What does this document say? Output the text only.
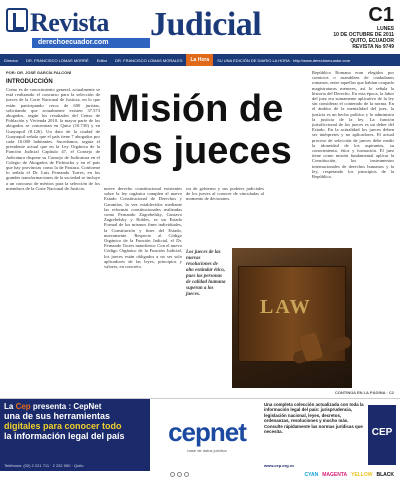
Revista Judicial
derechoecuador.com
C1
LUNES
10 DE OCTUBRE DE 2011
QUITO, ECUADOR
REVISTA No 9749
Director	DR. FRANCISCO LOMAS MORRÉ	Editor	DR. FRANCISCO LOMAS MORALES	La Hora	SU UNA EDICIÓN DE DIARIO LA HORA · http://www.derechoecuador.com
POR: DR. JOSÉ GARCÍA FALCONÍ
INTRODUCCIÓN

Como es de conocimiento general, actualmente se está realizando el concurso para la selección de jueces de la Corte Nacional de Justicia, en lo que están participando cerca de 600 juristas, solicitando que actualmente existen 37.573 abogados, según los resultados del Censo de Población y Vivienda 2010. la mayor parte de los abogados se concentran en Quito (10.730) y en Guayaquil (8.126). Un dato de la ciudad de Guayaquil señala que el país tiene 7 abogados por cada 10.000 habitantes. Sucedamos, seguía el presidente actual que en la Ley Orgánica de la Función Judicial Capítulo 47, el Consejo de Judicatura dispone su Consejo de Judicatura en el Colegio de Abogados de Pichincha y en el país que hay provincias como la de Pastaza. Conforme lo señala el Dr. Luis Fernando Torres, en los grandes transformaciones de la sociedad se incluye a un concurso de méritos para la selección de los miembros de la Corte Nacional de Justicia.

Misión de los jueces

nueve derecho constitucional existentes sobre la ley orgánica cumplen al nuevo Estado Constitucional de Derechos y Garantías, la vez establecidos mediante las reformas constitucionales realizadas como Fernando Zagrebelsky, Gustavo Zagrebelsky y Robles, es un Estado Formal de los mismos fines individuales, la Constitución y fines del Estado, nuevamente. Respecto al Código Orgánico de la Función Judicial, el Dr. Fernando Torres manifiesta: Con el nuevo Código Orgánico de la Función Judicial, los jueces están obligados a no ser solo aplicadores de las leyes, principios y valores, en concreto.

rra de gobierno y sus poderes judiciales de los jueces al conocer de vinculadas al momento de decisiones.

Los jueces de las nuevas resoluciones de alto estándar ético, pues las personas de calidad humana superan a los jueces.
LAW

República Romana eran elegidos por comicios o asambleas de ciudadanos romanos, entre aquellos que habían ocupado magistraturas menores, así lo señala la historia del Derecho. En esta época, la labor del juez era sumamente aplicativo de la ley sin considerar el contenido de la norma. En el ámbito de la mentalidad del juez, la justicia es un hecho político y lo administra la justicia de la ley. La función jurisdiccional de los jueces es un deber del Estado. En la actualidad los jueces deben ser intérpretes y no aplicadores. El actual proceso de selección de jueces debe medir la idoneidad de los aspirantes, su conocimiento, ética y formación. El juez tiene como misión fundamental aplicar la Constitución, los instrumentos internacionales de derechos humanos y la ley, respetando los principios de la República.

CONTINÚA EN LA PÁGINA · C2
La Cep presenta : CepNet
una de sus herramientas
digitales para conocer todo
la información legal del país
Teléfonos: (02) 2 221 711 · 2 232 950 · Quito
cepnet
base de datos jurídica

Una completa colección actualizada con toda la información legal del país: jurisprudencia, legislación nacional, leyes, decretos, ordenanzas, resoluciones y mucho más. Consulte rápidamente las normas jurídicas que necesita.	CEP
www.cep.org.ec
CYAN MAGENTA YELLOW BLACK
